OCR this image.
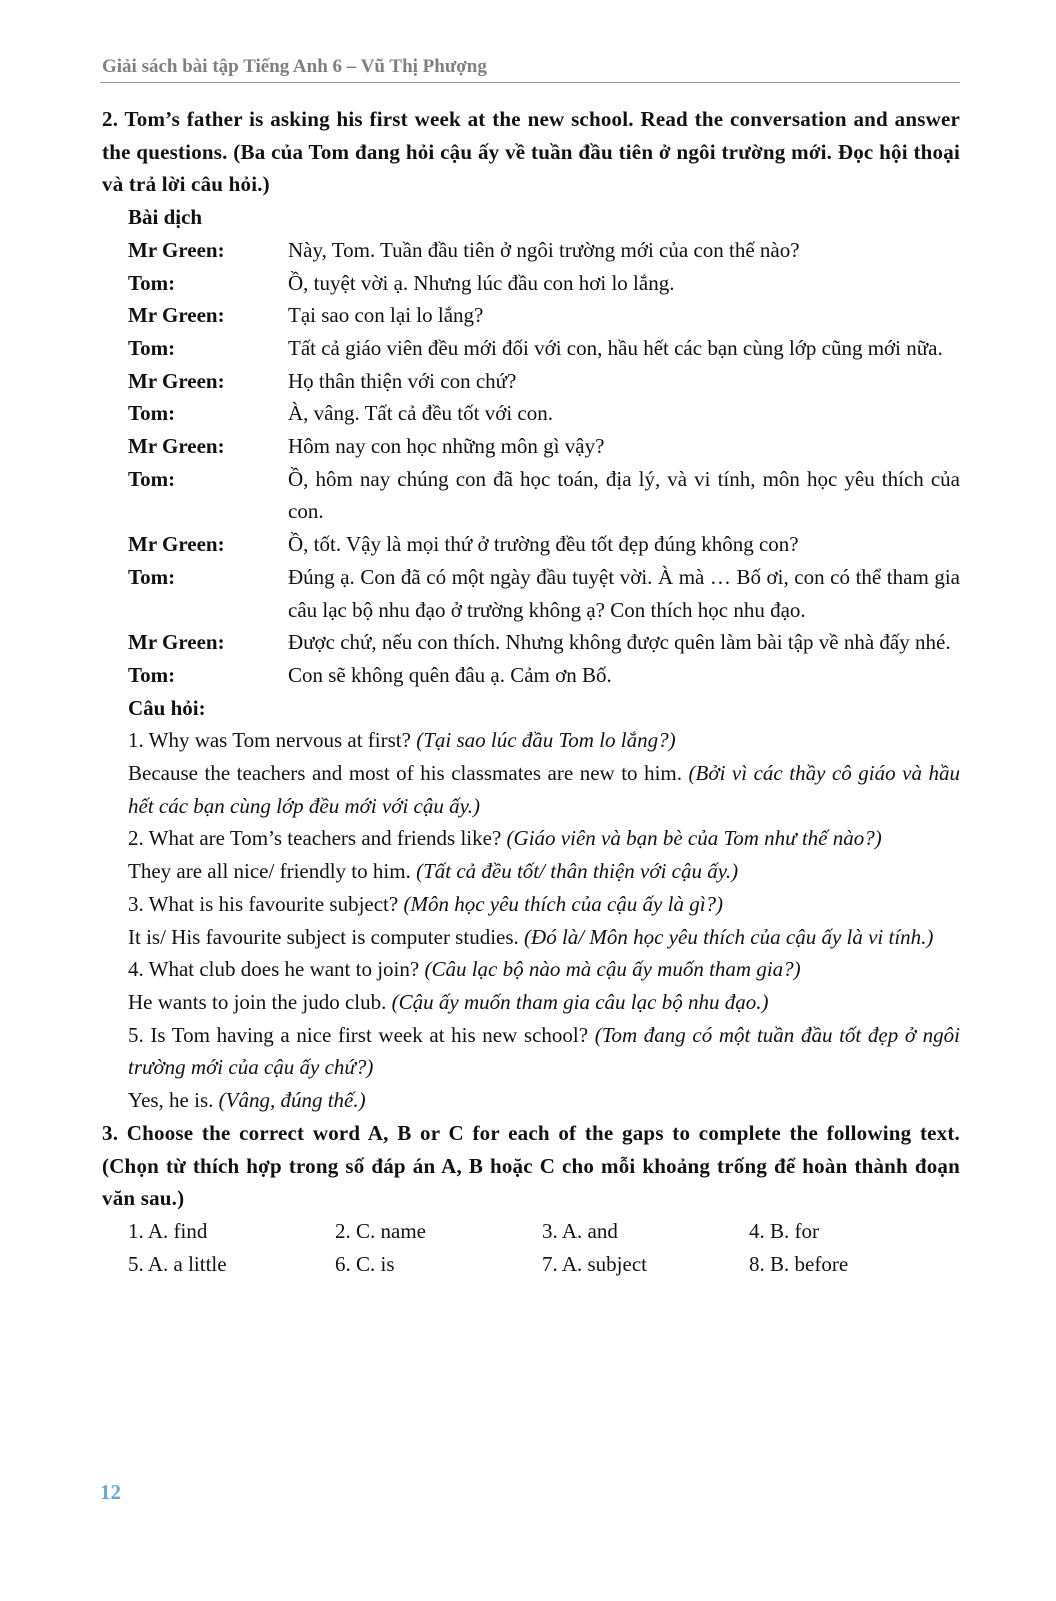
Giải sách bài tập Tiếng Anh 6 – Vũ Thị Phượng

2. Tom’s father is asking his first week at the new school. Read the conversation and answer the questions. (Ba của Tom đang hỏi cậu ấy về tuần đầu tiên ở ngôi trường mới. Đọc hội thoại và trả lời câu hỏi.)

Bài dịch

Mr Green:	Này, Tom. Tuần đầu tiên ở ngôi trường mới của con thế nào?
Tom:	Ồ, tuyệt vời ạ. Nhưng lúc đầu con hơi lo lắng.
Mr Green:	Tại sao con lại lo lắng?
Tom:	Tất cả giáo viên đều mới đối với con, hầu hết các bạn cùng lớp cũng mới nữa.
Mr Green:	Họ thân thiện với con chứ?
Tom:	À, vâng. Tất cả đều tốt với con.
Mr Green:	Hôm nay con học những môn gì vậy?
Tom:	Ồ, hôm nay chúng con đã học toán, địa lý, và vi tính, môn học yêu thích của con.
Mr Green:	Ồ, tốt. Vậy là mọi thứ ở trường đều tốt đẹp đúng không con?
Tom:	Đúng ạ. Con đã có một ngày đầu tuyệt vời. À mà … Bố ơi, con có thể tham gia câu lạc bộ nhu đạo ở trường không ạ? Con thích học nhu đạo.
Mr Green:	Được chứ, nếu con thích. Nhưng không được quên làm bài tập về nhà đấy nhé.
Tom:	Con sẽ không quên đâu ạ. Cảm ơn Bố.

Câu hỏi:

1. Why was Tom nervous at first? (Tại sao lúc đầu Tom lo lắng?)

Because the teachers and most of his classmates are new to him. (Bởi vì các thầy cô giáo và hầu hết các bạn cùng lớp đều mới với cậu ấy.)

2. What are Tom’s teachers and friends like? (Giáo viên và bạn bè của Tom như thế nào?)

They are all nice/ friendly to him. (Tất cả đều tốt/ thân thiện với cậu ấy.)

3. What is his favourite subject? (Môn học yêu thích của cậu ấy là gì?)

It is/ His favourite subject is computer studies. (Đó là/ Môn học yêu thích của cậu ấy là vi tính.)

4. What club does he want to join? (Câu lạc bộ nào mà cậu ấy muốn tham gia?)

He wants to join the judo club. (Cậu ấy muốn tham gia câu lạc bộ nhu đạo.)

5. Is Tom having a nice first week at his new school? (Tom đang có một tuần đầu tốt đẹp ở ngôi trường mới của cậu ấy chứ?)

Yes, he is. (Vâng, đúng thế.)

3. Choose the correct word A, B or C for each of the gaps to complete the following text. (Chọn từ thích hợp trong số đáp án A, B hoặc C cho mỗi khoảng trống để hoàn thành đoạn văn sau.)

1. A. find	2. C. name	3. A. and	4. B. for
5. A. a little	6. C. is	7. A. subject	8. B. before
12
